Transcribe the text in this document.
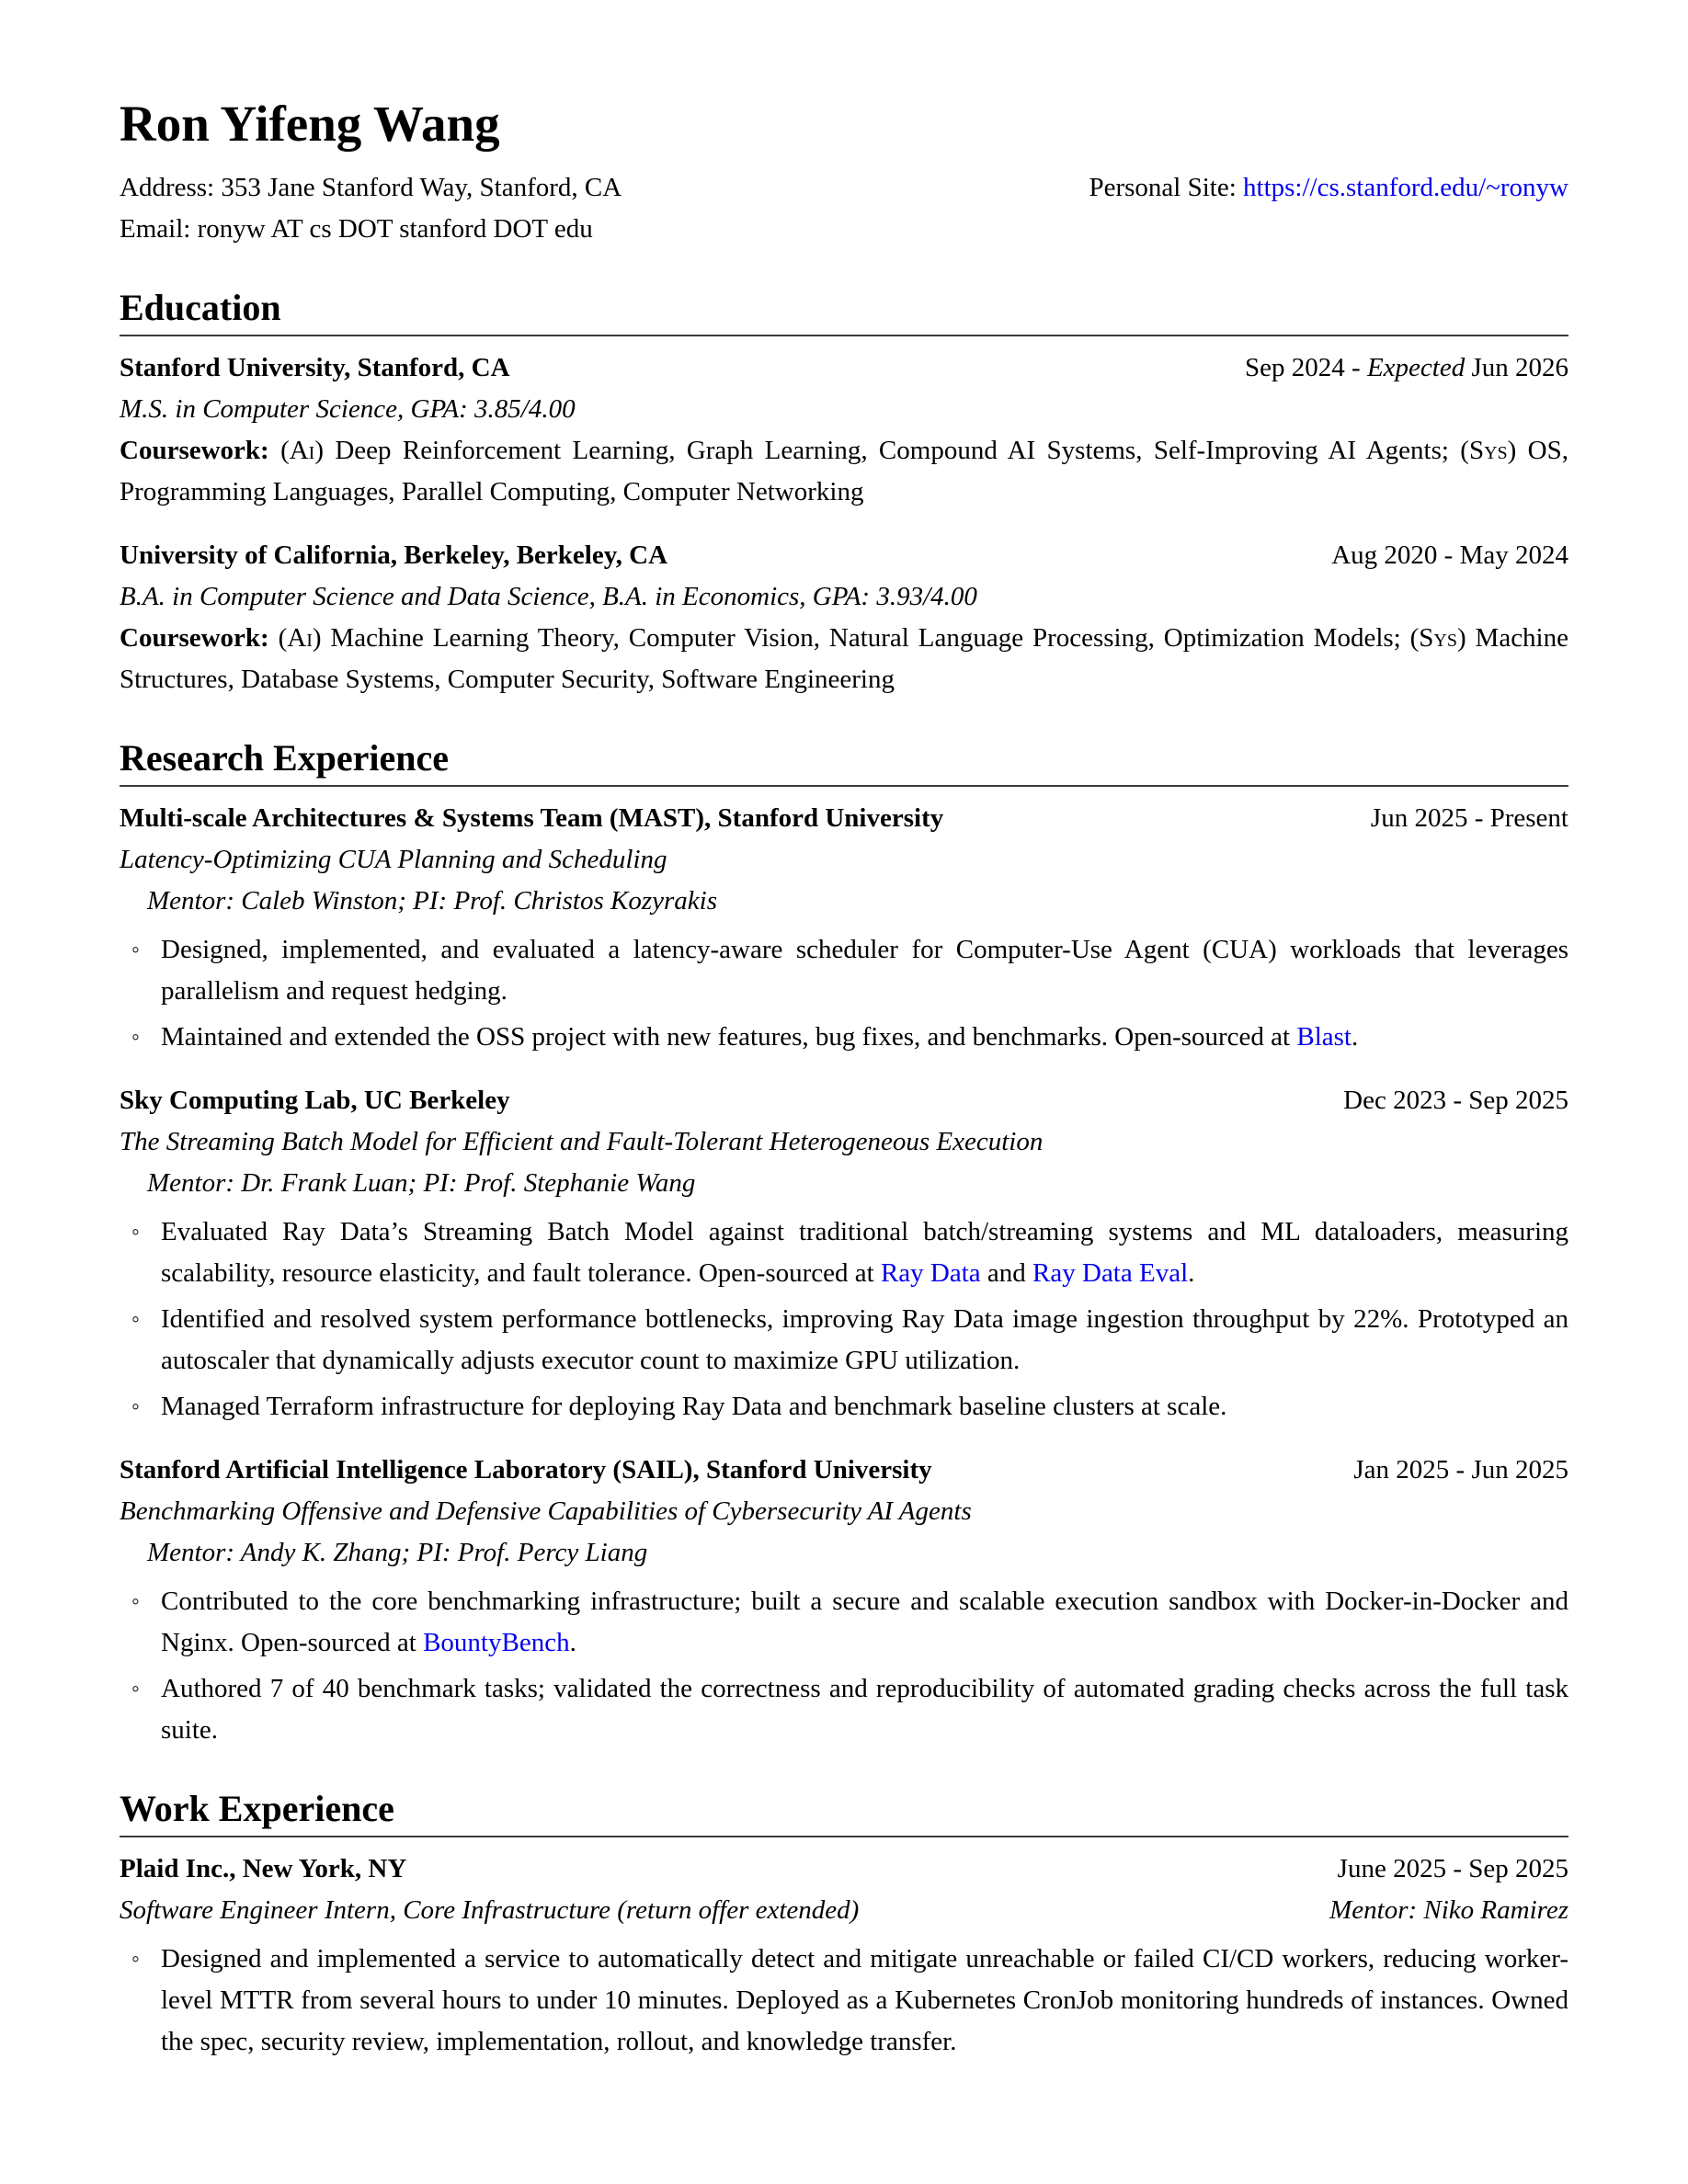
Ron Yifeng Wang
Address: 353 Jane Stanford Way, Stanford, CA	Personal Site: https://cs.stanford.edu/~ronyw
Email: ronyw AT cs DOT stanford DOT edu
Education
Stanford University, Stanford, CA	Sep 2024 - Expected Jun 2026
M.S. in Computer Science, GPA: 3.85/4.00
Coursework: (Ai) Deep Reinforcement Learning, Graph Learning, Compound AI Systems, Self-Improving AI Agents; (Sys) OS, Programming Languages, Parallel Computing, Computer Networking
University of California, Berkeley, Berkeley, CA	Aug 2020 - May 2024
B.A. in Computer Science and Data Science, B.A. in Economics, GPA: 3.93/4.00
Coursework: (Ai) Machine Learning Theory, Computer Vision, Natural Language Processing, Optimization Models; (Sys) Machine Structures, Database Systems, Computer Security, Software Engineering
Research Experience
Multi-scale Architectures & Systems Team (MAST), Stanford University	Jun 2025 - Present
Latency-Optimizing CUA Planning and Scheduling
Mentor: Caleb Winston; PI: Prof. Christos Kozyrakis
◦ Designed, implemented, and evaluated a latency-aware scheduler for Computer-Use Agent (CUA) workloads that leverages parallelism and request hedging.
◦ Maintained and extended the OSS project with new features, bug fixes, and benchmarks. Open-sourced at Blast.
Sky Computing Lab, UC Berkeley	Dec 2023 - Sep 2025
The Streaming Batch Model for Efficient and Fault-Tolerant Heterogeneous Execution
Mentor: Dr. Frank Luan; PI: Prof. Stephanie Wang
◦ Evaluated Ray Data’s Streaming Batch Model against traditional batch/streaming systems and ML dataloaders, measuring scalability, resource elasticity, and fault tolerance. Open-sourced at Ray Data and Ray Data Eval.
◦ Identified and resolved system performance bottlenecks, improving Ray Data image ingestion throughput by 22%. Prototyped an autoscaler that dynamically adjusts executor count to maximize GPU utilization.
◦ Managed Terraform infrastructure for deploying Ray Data and benchmark baseline clusters at scale.
Stanford Artificial Intelligence Laboratory (SAIL), Stanford University	Jan 2025 - Jun 2025
Benchmarking Offensive and Defensive Capabilities of Cybersecurity AI Agents
Mentor: Andy K. Zhang; PI: Prof. Percy Liang
◦ Contributed to the core benchmarking infrastructure; built a secure and scalable execution sandbox with Docker-in-Docker and Nginx. Open-sourced at BountyBench.
◦ Authored 7 of 40 benchmark tasks; validated the correctness and reproducibility of automated grading checks across the full task suite.
Work Experience
Plaid Inc., New York, NY	June 2025 - Sep 2025
Software Engineer Intern, Core Infrastructure (return offer extended)	Mentor: Niko Ramirez
◦ Designed and implemented a service to automatically detect and mitigate unreachable or failed CI/CD workers, reducing worker-level MTTR from several hours to under 10 minutes. Deployed as a Kubernetes CronJob monitoring hundreds of instances. Owned the spec, security review, implementation, rollout, and knowledge transfer.
